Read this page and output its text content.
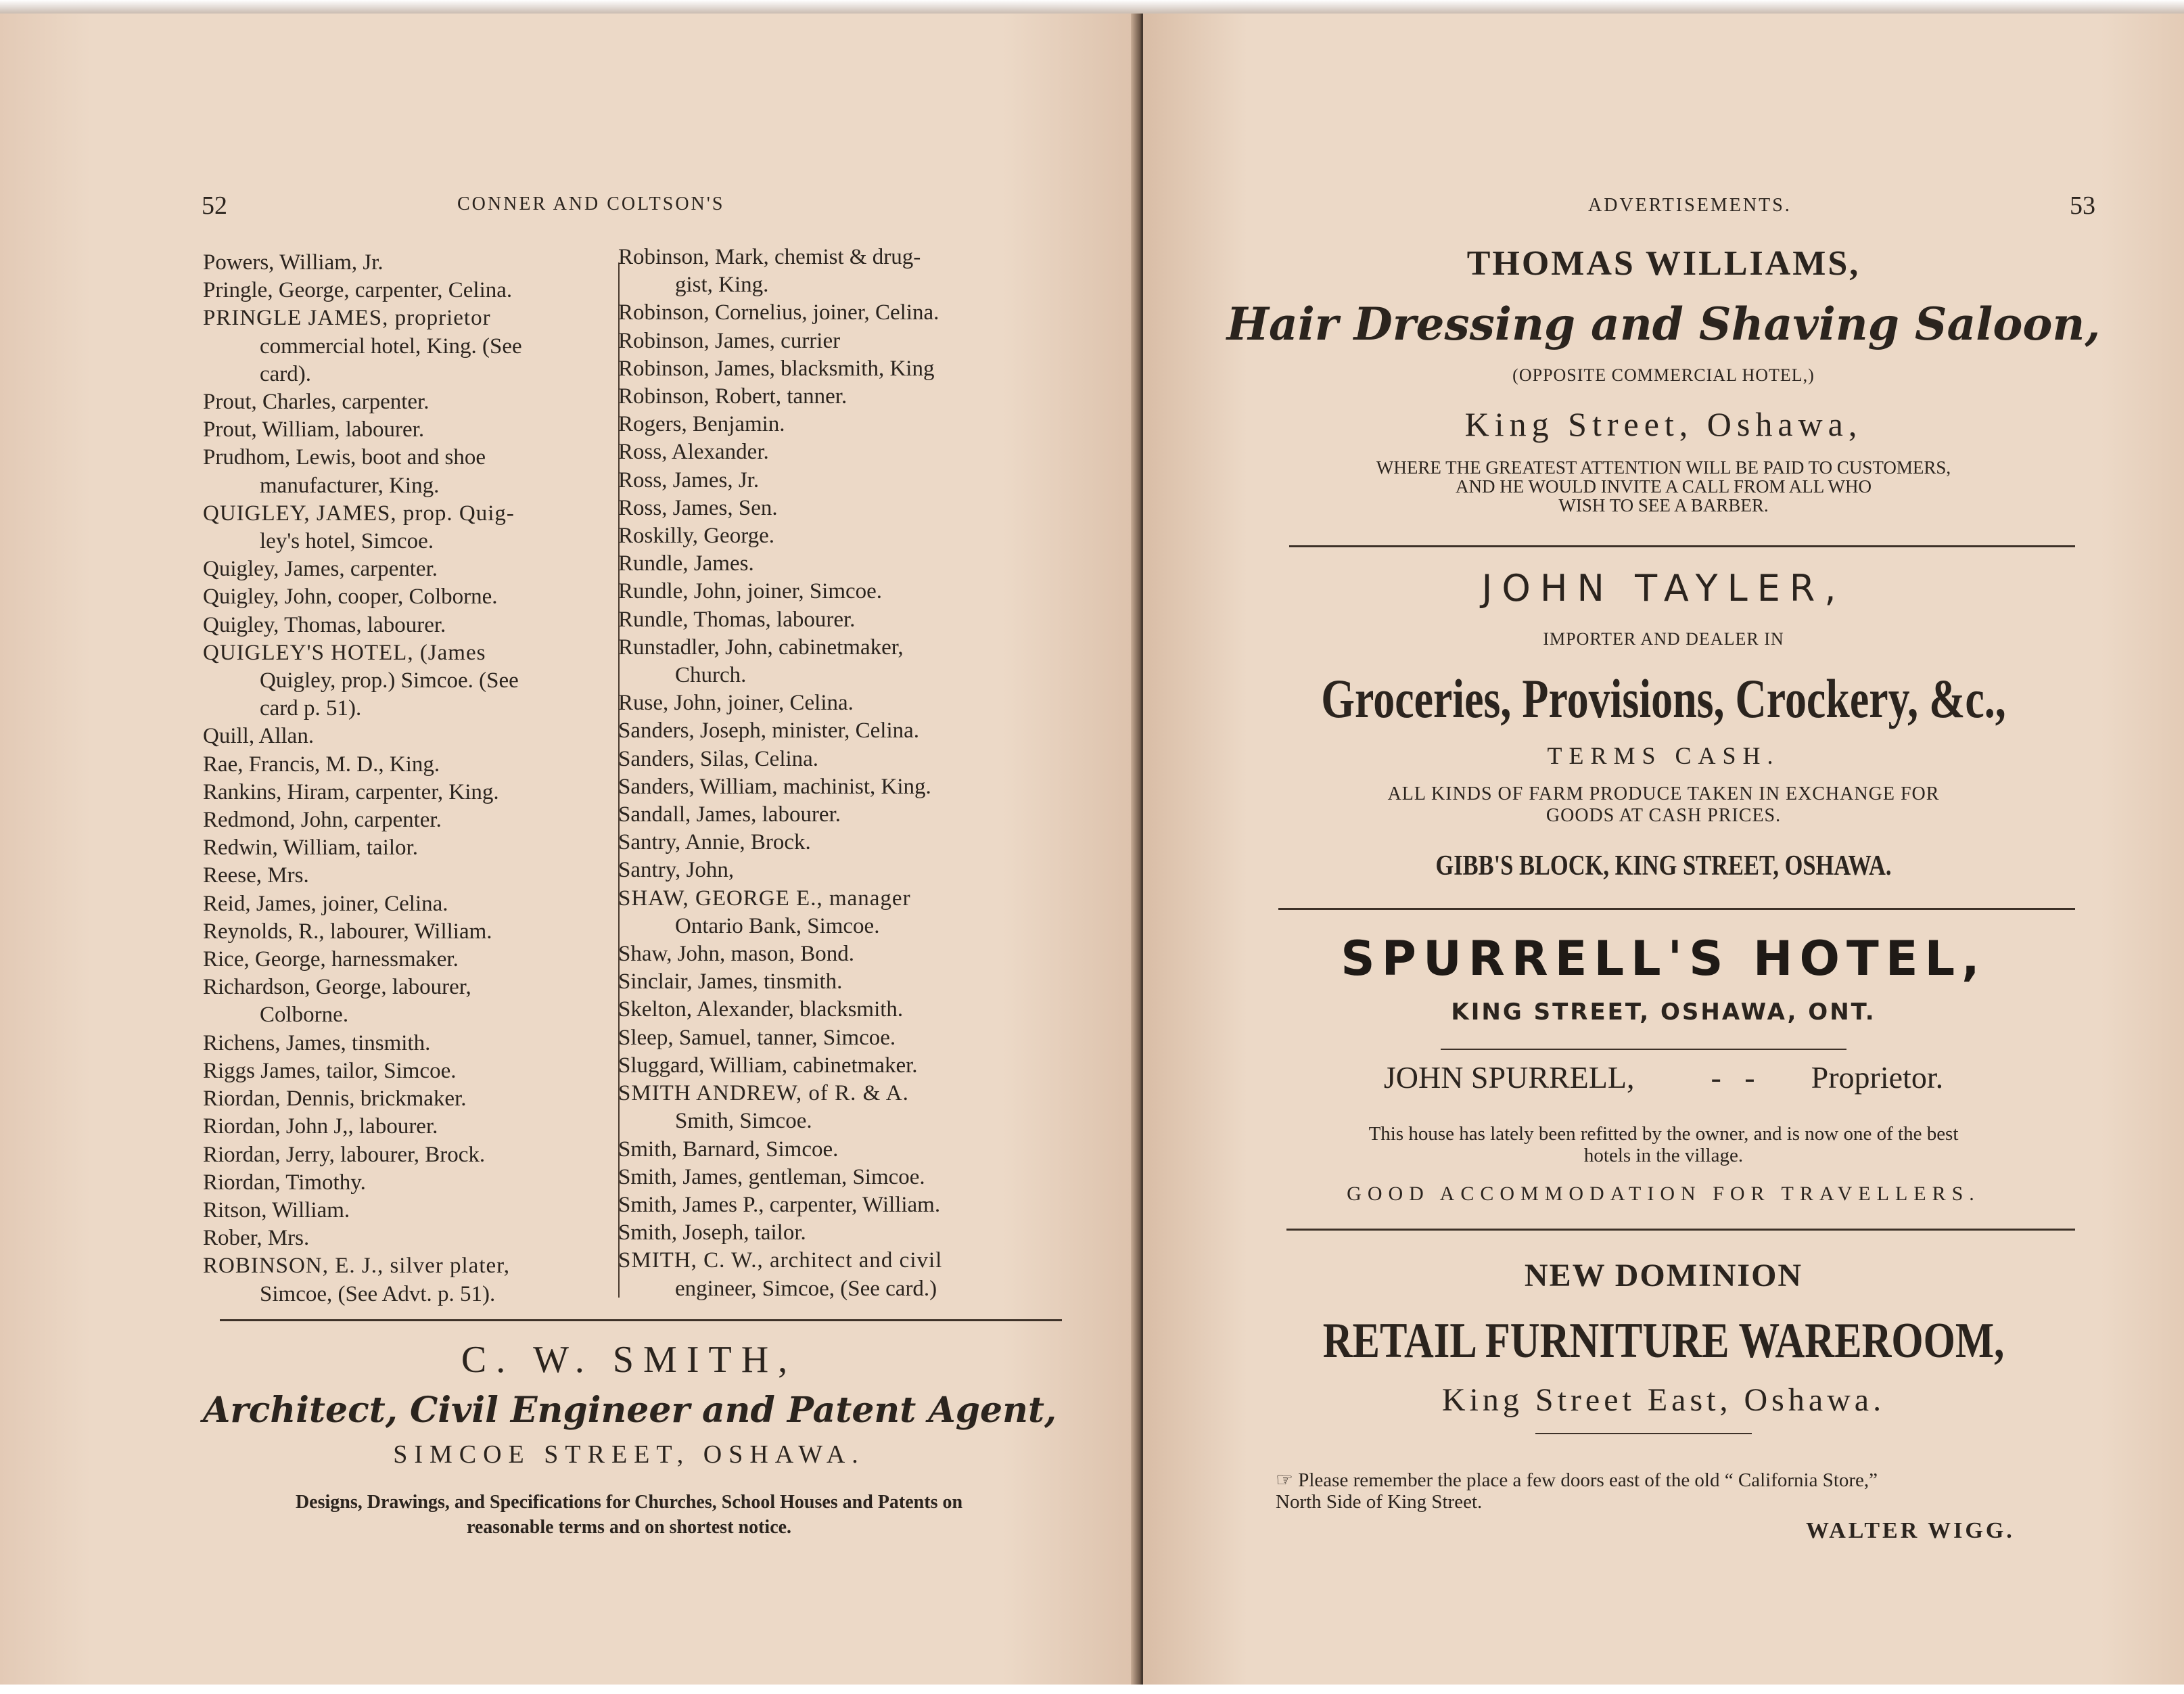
52	CONNER AND COLTSON'S
Powers, William, Jr.
Pringle, George, carpenter, Celina.
PRINGLE JAMES, proprietor
commercial hotel, King. (See
card).
Prout, Charles, carpenter.
Prout, William, labourer.
Prudhom, Lewis, boot and shoe
manufacturer, King.
QUIGLEY, JAMES, prop. Quig-
ley's hotel, Simcoe.
Quigley, James, carpenter.
Quigley, John, cooper, Colborne.
Quigley, Thomas, labourer.
QUIGLEY'S HOTEL, (James
Quigley, prop.) Simcoe. (See
card p. 51).
Quill, Allan.
Rae, Francis, M. D., King.
Rankins, Hiram, carpenter, King.
Redmond, John, carpenter.
Redwin, William, tailor.
Reese, Mrs.
Reid, James, joiner, Celina.
Reynolds, R., labourer, William.
Rice, George, harnessmaker.
Richardson, George, labourer,
Colborne.
Richens, James, tinsmith.
Riggs James, tailor, Simcoe.
Riordan, Dennis, brickmaker.
Riordan, John J,, labourer.
Riordan, Jerry, labourer, Brock.
Riordan, Timothy.
Ritson, William.
Rober, Mrs.
ROBINSON, E. J., silver plater,
Simcoe, (See Advt. p. 51).
Robinson, Mark, chemist & drug-
gist, King.
Robinson, Cornelius, joiner, Celina.
Robinson, James, currier
Robinson, James, blacksmith, King
Robinson, Robert, tanner.
Rogers, Benjamin.
Ross, Alexander.
Ross, James, Jr.
Ross, James, Sen.
Roskilly, George.
Rundle, James.
Rundle, John, joiner, Simcoe.
Rundle, Thomas, labourer.
Runstadler, John, cabinetmaker,
Church.
Ruse, John, joiner, Celina.
Sanders, Joseph, minister, Celina.
Sanders, Silas, Celina.
Sanders, William, machinist, King.
Sandall, James, labourer.
Santry, Annie, Brock.
Santry, John,
SHAW, GEORGE E., manager
Ontario Bank, Simcoe.
Shaw, John, mason, Bond.
Sinclair, James, tinsmith.
Skelton, Alexander, blacksmith.
Sleep, Samuel, tanner, Simcoe.
Sluggard, William, cabinetmaker.
SMITH ANDREW, of R. & A.
Smith, Simcoe.
Smith, Barnard, Simcoe.
Smith, James, gentleman, Simcoe.
Smith, James P., carpenter, William.
Smith, Joseph, tailor.
SMITH, C. W., architect and civil
engineer, Simcoe, (See card.)
C. W. SMITH,
Architect, Civil Engineer and Patent Agent,
SIMCOE STREET, OSHAWA.
Designs, Drawings, and Specifications for Churches, School Houses and Patents on
reasonable terms and on shortest notice.
ADVERTISEMENTS.	53
THOMAS WILLIAMS,
Hair Dressing and Shaving Saloon,
(OPPOSITE COMMERCIAL HOTEL,)
King Street, Oshawa,
WHERE THE GREATEST ATTENTION WILL BE PAID TO CUSTOMERS,
AND HE WOULD INVITE A CALL FROM ALL WHO
WISH TO SEE A BARBER.
JOHN TAYLER,
IMPORTER AND DEALER IN
Groceries, Provisions, Crockery, &c.,
TERMS CASH.
ALL KINDS OF FARM PRODUCE TAKEN IN EXCHANGE FOR
GOODS AT CASH PRICES.
GIBB'S BLOCK, KING STREET, OSHAWA.
SPURRELL'S HOTEL,
KING STREET, OSHAWA, ONT.
JOHN SPURRELL, -   - Proprietor.
This house has lately been refitted by the owner, and is now one of the best
hotels in the village.
GOOD ACCOMMODATION FOR TRAVELLERS.
NEW DOMINION
RETAIL FURNITURE WAREROOM,
King Street East, Oshawa.
☞ Please remember the place a few doors east of the old “ California Store,”
North Side of King Street.
WALTER WIGG.
